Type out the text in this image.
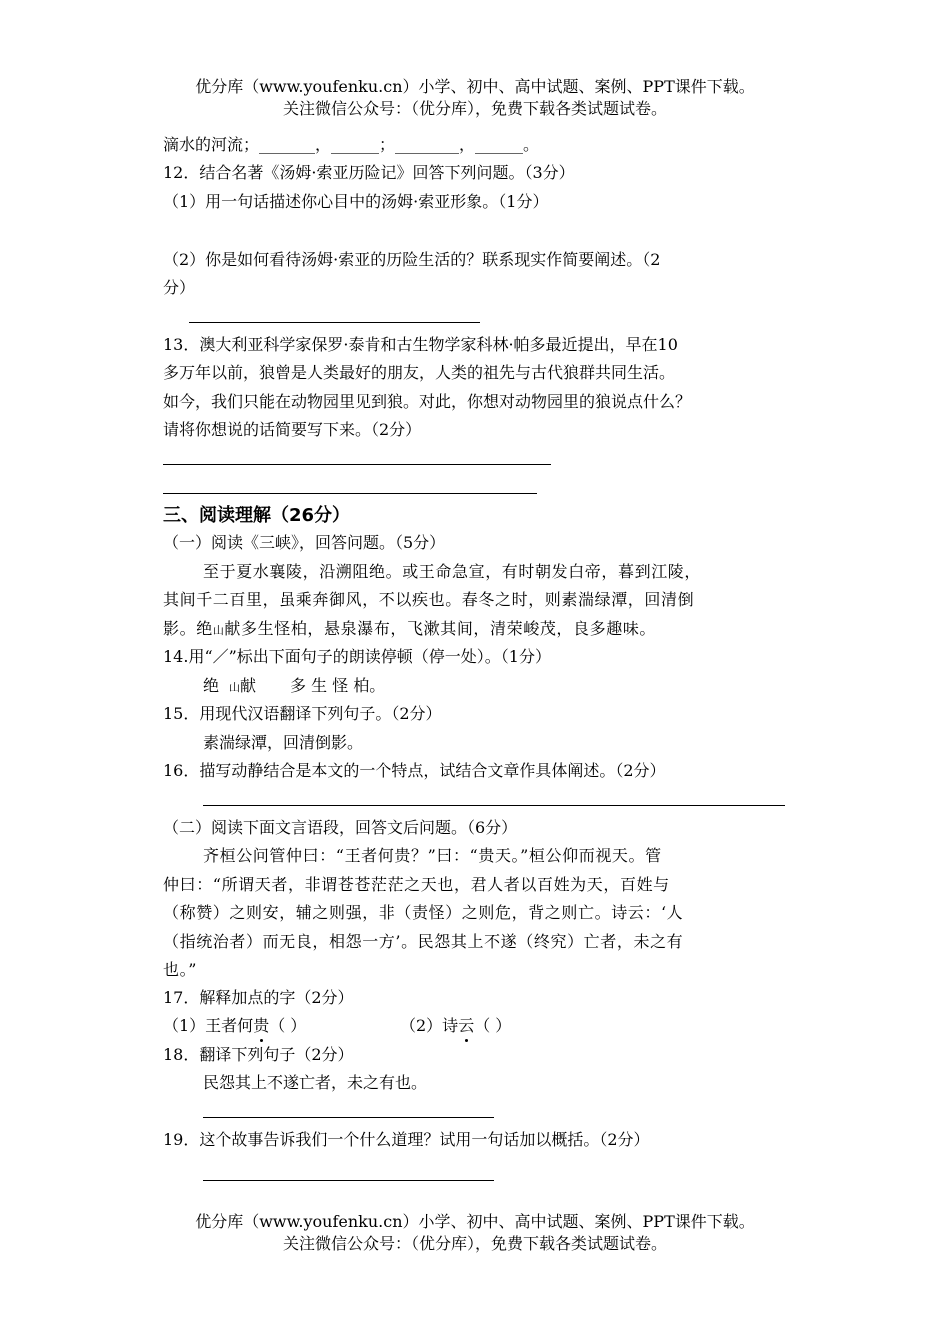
优分库（www.youfenku.cn）小学、初中、高中试题、案例、PPT课件下载。
关注微信公众号：（优分库），免费下载各类试题试卷。
滴水的河流；_______，______；________，______。
12．结合名著《汤姆·索亚历险记》回答下列问题。（3分）
（1）用一句话描述你心目中的汤姆·索亚形象。（1分）
（2）你是如何看待汤姆·索亚的历险生活的？联系现实作简要阐述。（2
分）
13．澳大利亚科学家保罗·泰肯和古生物学家科林·帕多最近提出，早在10
多万年以前，狼曾是人类最好的朋友，人类的祖先与古代狼群共同生活。
如今，我们只能在动物园里见到狼。对此，你想对动物园里的狼说点什么？
请将你想说的话简要写下来。（2分）
三、阅读理解（26分）
（一）阅读《三峡》，回答问题。（5分）
至于夏水襄陵，沿溯阻绝。或王命急宣，有时朝发白帝，暮到江陵，
其间千二百里，虽乘奔御风，不以疾也。春冬之时，则素湍绿潭，回清倒
影。绝山献多生怪柏，悬泉瀑布，飞漱其间，清荣峻茂，良多趣味。
14.用“／”标出下面句子的朗读停顿（停一处）。（1分）
绝 山献 多 生 怪 柏。
15．用现代汉语翻译下列句子。（2分）
素湍绿潭，回清倒影。
16．描写动静结合是本文的一个特点，试结合文章作具体阐述。（2分）
（二）阅读下面文言语段，回答文后问题。（6分）
齐桓公问管仲曰：“王者何贵？”曰：“贵天。”桓公仰而视天。管
仲曰：“所谓天者，非谓苍苍茫茫之天也，君人者以百姓为天，百姓与
（称赞）之则安，辅之则强，非（责怪）之则危，背之则亡。诗云：‘人
（指统治者）而无良，相怨一方’。民怨其上不遂（终究）亡者，未之有
也。”
17．解释加点的字（2分）
（1）王者何贵（ ）	（2）诗云（ ）
18．翻译下列句子（2分）
民怨其上不遂亡者，未之有也。
19．这个故事告诉我们一个什么道理？试用一句话加以概括。（2分）
优分库（www.youfenku.cn）小学、初中、高中试题、案例、PPT课件下载。
关注微信公众号：（优分库），免费下载各类试题试卷。
